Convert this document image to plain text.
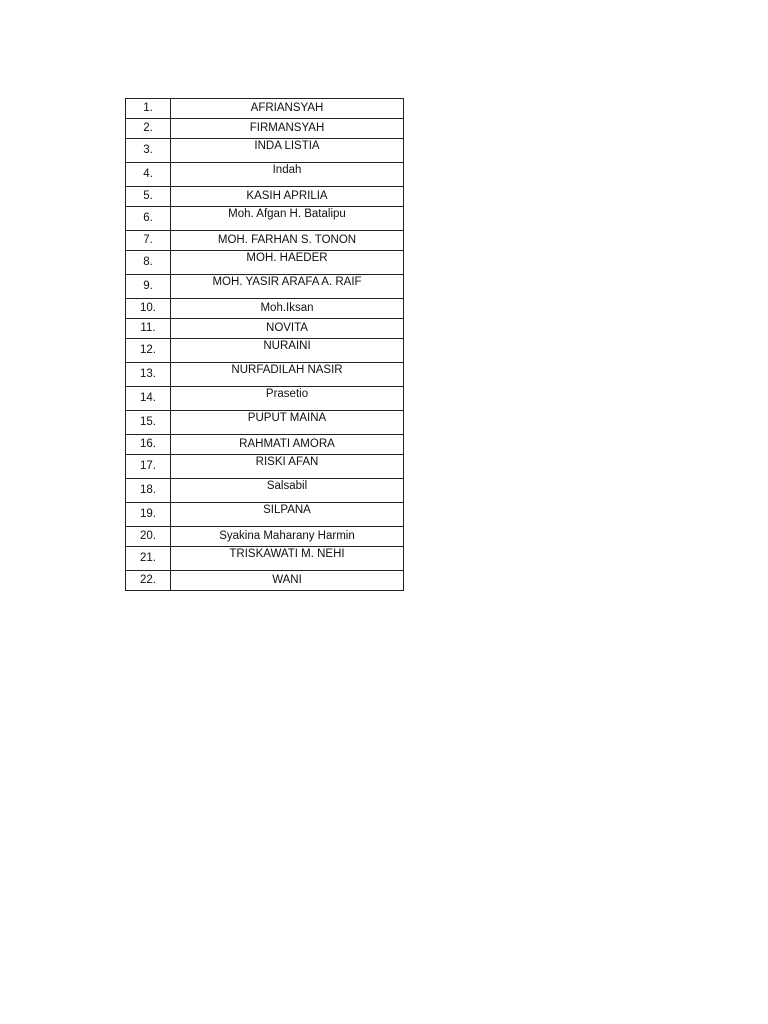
1.	AFRIANSYAH
2.	FIRMANSYAH
3.	INDA LISTIA
4.	Indah
5.	KASIH APRILIA
6.	Moh. Afgan H. Batalipu
7.	MOH. FARHAN S. TONON
8.	MOH. HAEDER
9.	MOH. YASIR ARAFA A. RAIF
10.	Moh.Iksan
11.	NOVITA
12.	NURAINI
13.	NURFADILAH NASIR
14.	Prasetio
15.	PUPUT MAINA
16.	RAHMATI AMORA
17.	RISKI AFAN
18.	Salsabil
19.	SILPANA
20.	Syakina Maharany Harmin
21.	TRISKAWATI M. NEHI
22.	WANI
